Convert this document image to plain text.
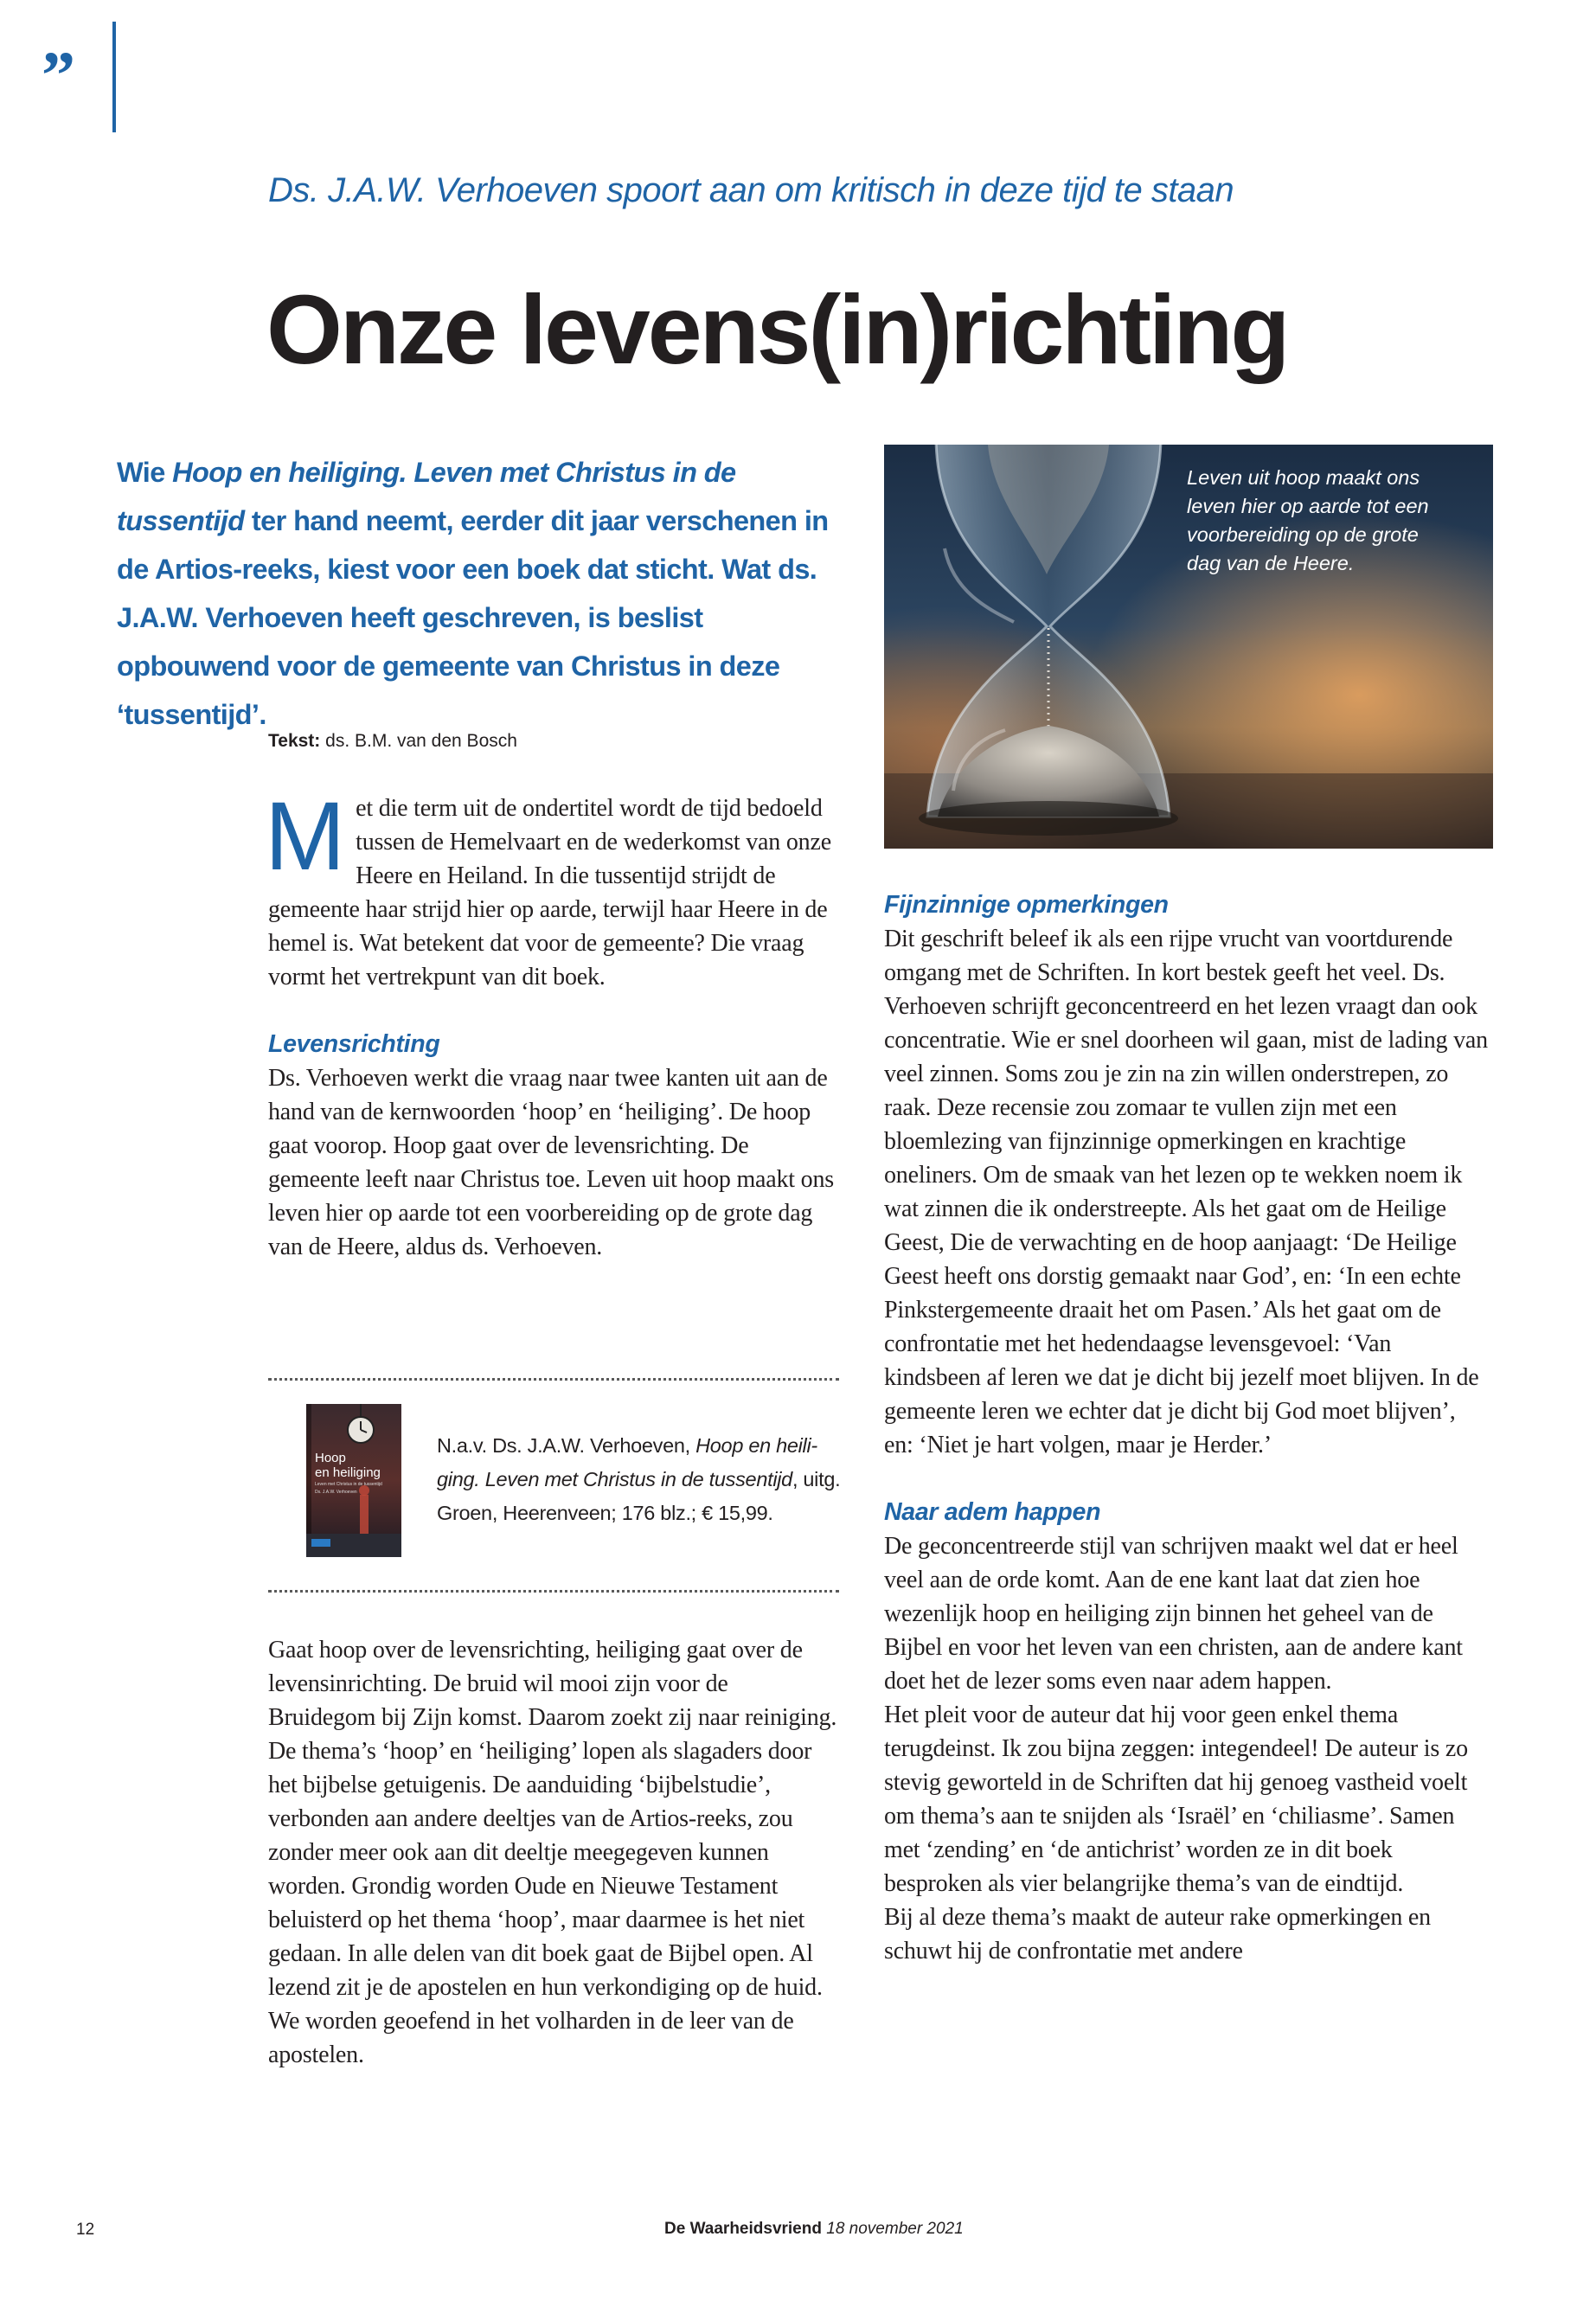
”
Ds. J.A.W. Verhoeven spoort aan om kritisch in deze tijd te staan
Onze levens(in)richting
Wie Hoop en heiliging. Leven met Christus in de tussentijd ter hand neemt, eerder dit jaar verschenen in de Artios-reeks, kiest voor een boek dat sticht. Wat ds. J.A.W. Verhoeven heeft geschreven, is beslist opbouwend voor de gemeente van Christus in deze ‘tussentijd’.
Leven uit hoop maakt ons leven hier op aarde tot een voorbereiding op de grote dag van de Heere.
Tekst: ds. B.M. van den Bosch

Met die term uit de ondertitel wordt de tijd bedoeld tussen de Hemelvaart en de wederkomst van onze Heere en Heiland. In die tussentijd strijdt de gemeente haar strijd hier op aarde, terwijl haar Heere in de hemel is. Wat betekent dat voor de gemeente? Die vraag vormt het vertrekpunt van dit boek.

Levensrichting

Ds. Verhoeven werkt die vraag naar twee kanten uit aan de hand van de kernwoorden ‘hoop’ en ‘heiliging’. De hoop gaat voorop. Hoop gaat over de levensrichting. De gemeente leeft naar Christus toe. Leven uit hoop maakt ons leven hier op aarde tot een voorbereiding op de grote dag van de Heere, aldus ds. Verhoeven.

Hoop
en heiliging
Leven met Christus in de tussentijd
Ds. J.A.W. Verhoeven
N.a.v. Ds. J.A.W. Verhoeven, Hoop en heiliging. Leven met Christus in de tussentijd, uitg. Groen, Heerenveen; 176 blz.; € 15,99.

Gaat hoop over de levensrichting, heiliging gaat over de levensinrichting. De bruid wil mooi zijn voor de Bruidegom bij Zijn komst. Daarom zoekt zij naar reiniging.

De thema’s ‘hoop’ en ‘heiliging’ lopen als slagaders door het bijbelse getuigenis. De aanduiding ‘bijbelstudie’, verbonden aan andere deeltjes van de Artios-reeks, zou zonder meer ook aan dit deeltje meegegeven kunnen worden. Grondig worden Oude en Nieuwe Testament beluisterd op het thema ‘hoop’, maar daarmee is het niet gedaan. In alle delen van dit boek gaat de Bijbel open. Al lezend zit je de apostelen en hun verkondiging op de huid. We worden geoefend in het volharden in de leer van de apostelen.

Fijnzinnige opmerkingen

Dit geschrift beleef ik als een rijpe vrucht van voortdurende omgang met de Schriften. In kort bestek geeft het veel. Ds. Verhoeven schrijft geconcentreerd en het lezen vraagt dan ook concentratie. Wie er snel doorheen wil gaan, mist de lading van veel zinnen. Soms zou je zin na zin willen onderstrepen, zo raak. Deze recensie zou zomaar te vullen zijn met een bloemlezing van fijnzinnige opmerkingen en krachtige oneliners. Om de smaak van het lezen op te wekken noem ik wat zinnen die ik onderstreepte. Als het gaat om de Heilige Geest, Die de verwachting en de hoop aanjaagt: ‘De Heilige Geest heeft ons dorstig gemaakt naar God’, en: ‘In een echte Pinkstergemeente draait het om Pasen.’ Als het gaat om de confrontatie met het hedendaagse levensgevoel: ‘Van kindsbeen af leren we dat je dicht bij jezelf moet blijven. In de gemeente leren we echter dat je dicht bij God moet blijven’, en: ‘Niet je hart volgen, maar je Herder.’

Naar adem happen

De geconcentreerde stijl van schrijven maakt wel dat er heel veel aan de orde komt. Aan de ene kant laat dat zien hoe wezenlijk hoop en heiliging zijn binnen het geheel van de Bijbel en voor het leven van een christen, aan de andere kant doet het de lezer soms even naar adem happen.

Het pleit voor de auteur dat hij voor geen enkel thema terugdeinst. Ik zou bijna zeggen: integendeel! De auteur is zo stevig geworteld in de Schriften dat hij genoeg vastheid voelt om thema’s aan te snijden als ‘Israël’ en ‘chiliasme’. Samen met ‘zending’ en ‘de antichrist’ worden ze in dit boek besproken als vier belangrijke thema’s van de eindtijd.

Bij al deze thema’s maakt de auteur rake opmerkingen en schuwt hij de confrontatie met andere

12	De Waarheidsvriend 18 november 2021
